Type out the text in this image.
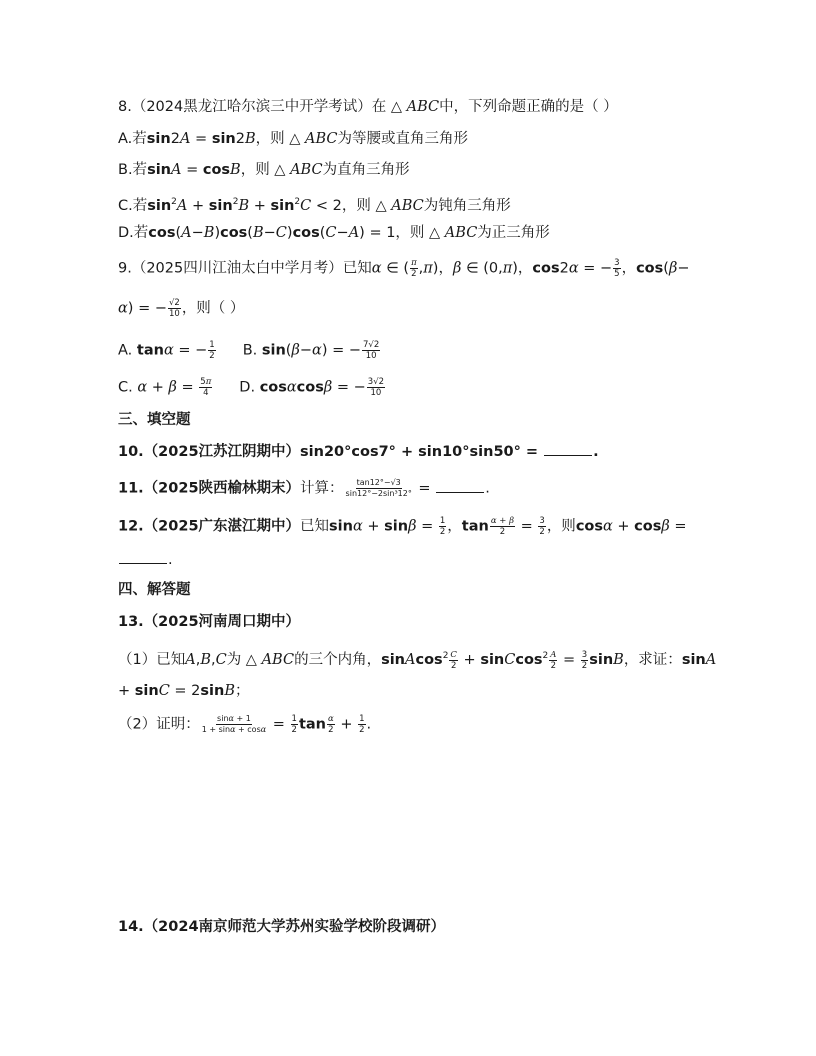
8.（2024黑龙江哈尔滨三中开学考试）在 △ ABC中，下列命题正确的是（ ）
A.若sin2A = sin2B，则 △ ABC为等腰或直角三角形
B.若sinA = cosB，则 △ ABC为直角三角形
C.若$\sin^2A + \sin^2B + \sin^2C < 2$，则 △ ABC为钝角三角形
D.若cos(A−B)cos(B−C)cos(C−A) = 1，则 △ ABC为正三角形
9.（2025四川江油太白中学月考）已知α ∈ ( $\frac{\pi}{2} ,\pi$)，β ∈ (0,π)，cos2α = − $\frac{3}{5}$ ，cos(β−
α) = − $\frac{√2}{10}$ ，则（ ）
A. tanα = − $\frac{1}{2} B$. sin(β−α) = − $\frac{7√2}{10}$
C. $\alpha + \beta = \frac{5\pi}{4} D$. cosαcosβ = − $\frac{3√2}{10}$
三、填空题
10.（2025江苏江阴期中）sin20°cos7° + sin10°sin50° =	.
11.（2025陕西榆林期末）计算： $\frac{\tan 12^\circ-√3}{\text{sin12°−2sin³12°}}$ =	.
12.（2025广东湛江期中）已知$\sin\alpha + \sin\beta = \frac{1}{2}$ ，$\tan \frac{\alpha + \beta}{2} = \frac{3}{2}$ ，则cosα + cosβ =
.
四、解答题
13.（2025河南周口期中）
（1）已知A,B,C为 △ ABC的三个内角，sinAcos$^2$ $\frac{C}{2}$ + sinCcos$^2$ $\frac{A}{2} = \frac{3}{2}$ sinB，求证：sinA
+ sinC = 2sinB；
（2）证明： $\frac{\sin\alpha + 1}{1 + \sin\alpha + \cos\alpha} = \frac{1}{2}$ $\tan \frac{\alpha}{2} + \frac{1}{2}$ .
14.（2024南京师范大学苏州实验学校阶段调研）
